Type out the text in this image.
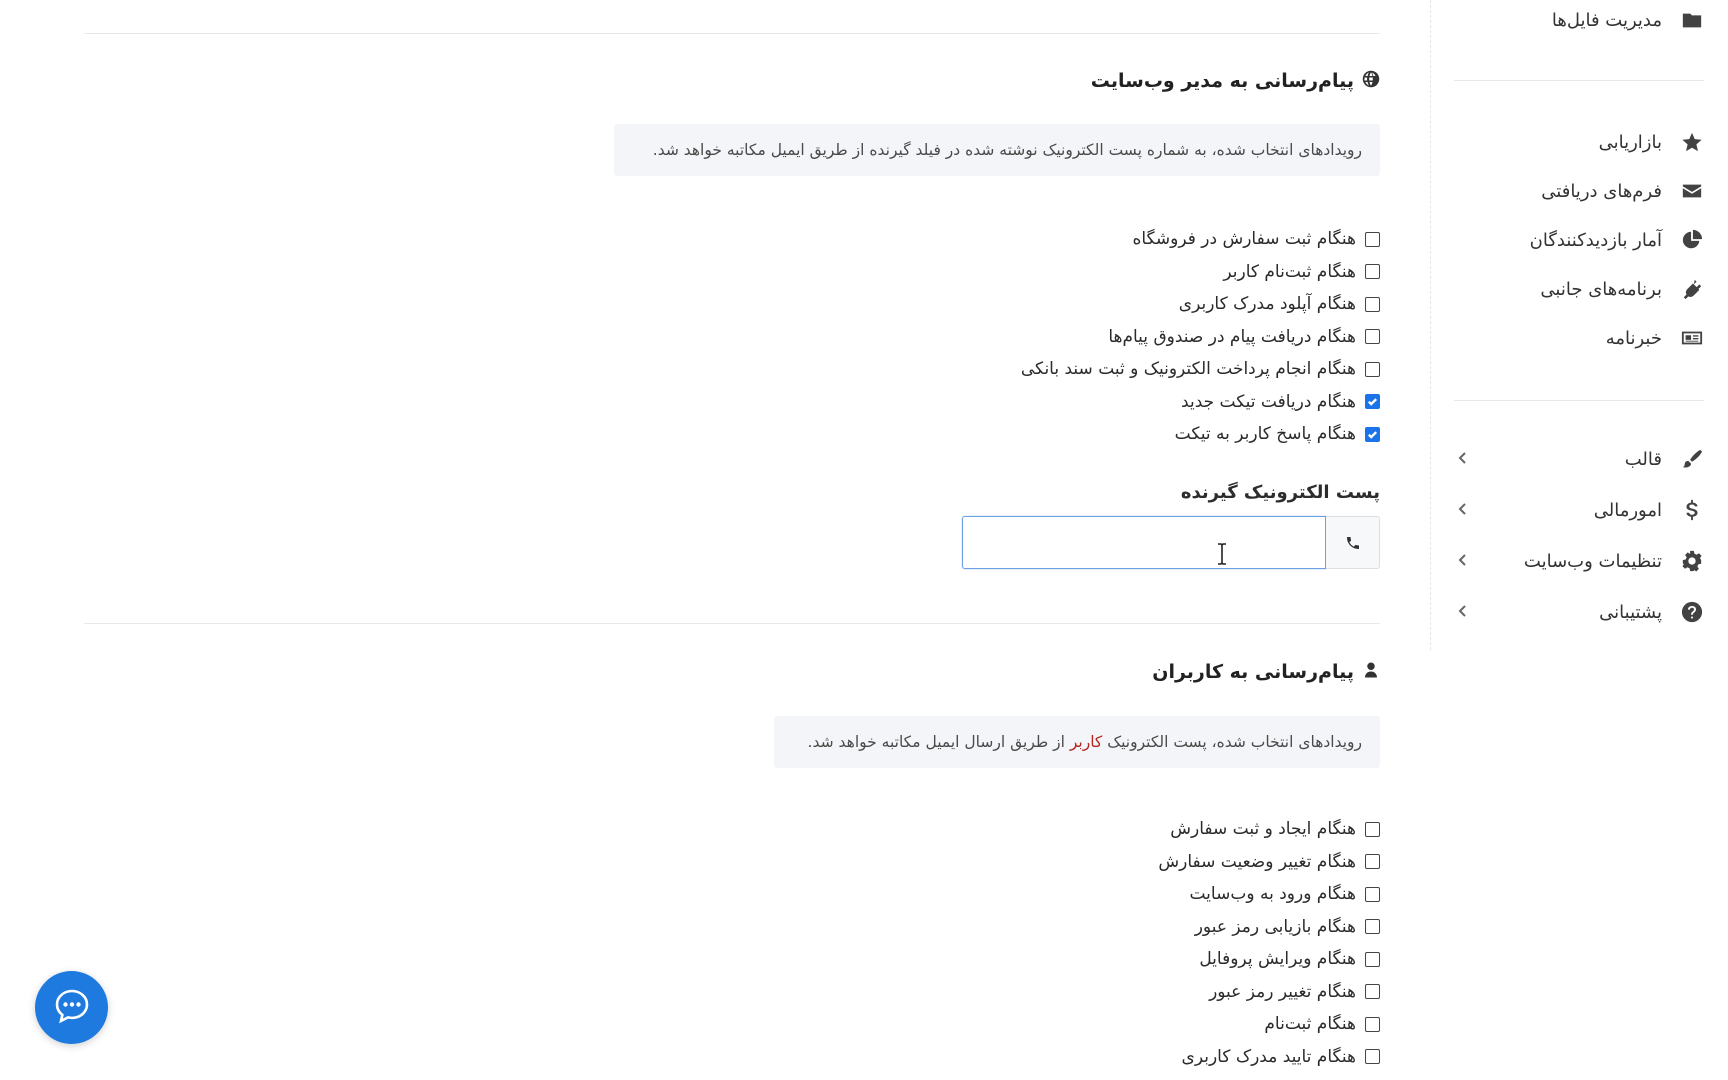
مدیریت فایل‌ها
بازاریابی
فرم‌های دریافتی
آمار بازدیدکنندگان
برنامه‌های جانبی
خبرنامه
قالب
امورمالی
تنظیمات وب‌سایت
پشتیبانی
پیام‌رسانی به مدیر وب‌سایت
رویدادهای انتخاب شده، به شماره پست الکترونیک نوشته شده در فیلد گیرنده از طریق ایمیل مکاتبه خواهد شد.
هنگام ثبت سفارش در فروشگاه
هنگام ثبت‌نام کاربر
هنگام آپلود مدرک کاربری
هنگام دریافت پیام در صندوق پیام‌ها
هنگام انجام پرداخت الکترونیک و ثبت سند بانکی
هنگام دریافت تیکت جدید
هنگام پاسخ کاربر به تیکت
پست الکترونیک گیرنده
پیام‌رسانی به کاربران
رویدادهای انتخاب شده، پست الکترونیک کاربر از طریق ارسال ایمیل مکاتبه خواهد شد.
هنگام ایجاد و ثبت سفارش
هنگام تغییر وضعیت سفارش
هنگام ورود به وب‌سایت
هنگام بازیابی رمز عبور
هنگام ویرایش پروفایل
هنگام تغییر رمز عبور
هنگام ثبت‌نام
هنگام تایید مدرک کاربری
